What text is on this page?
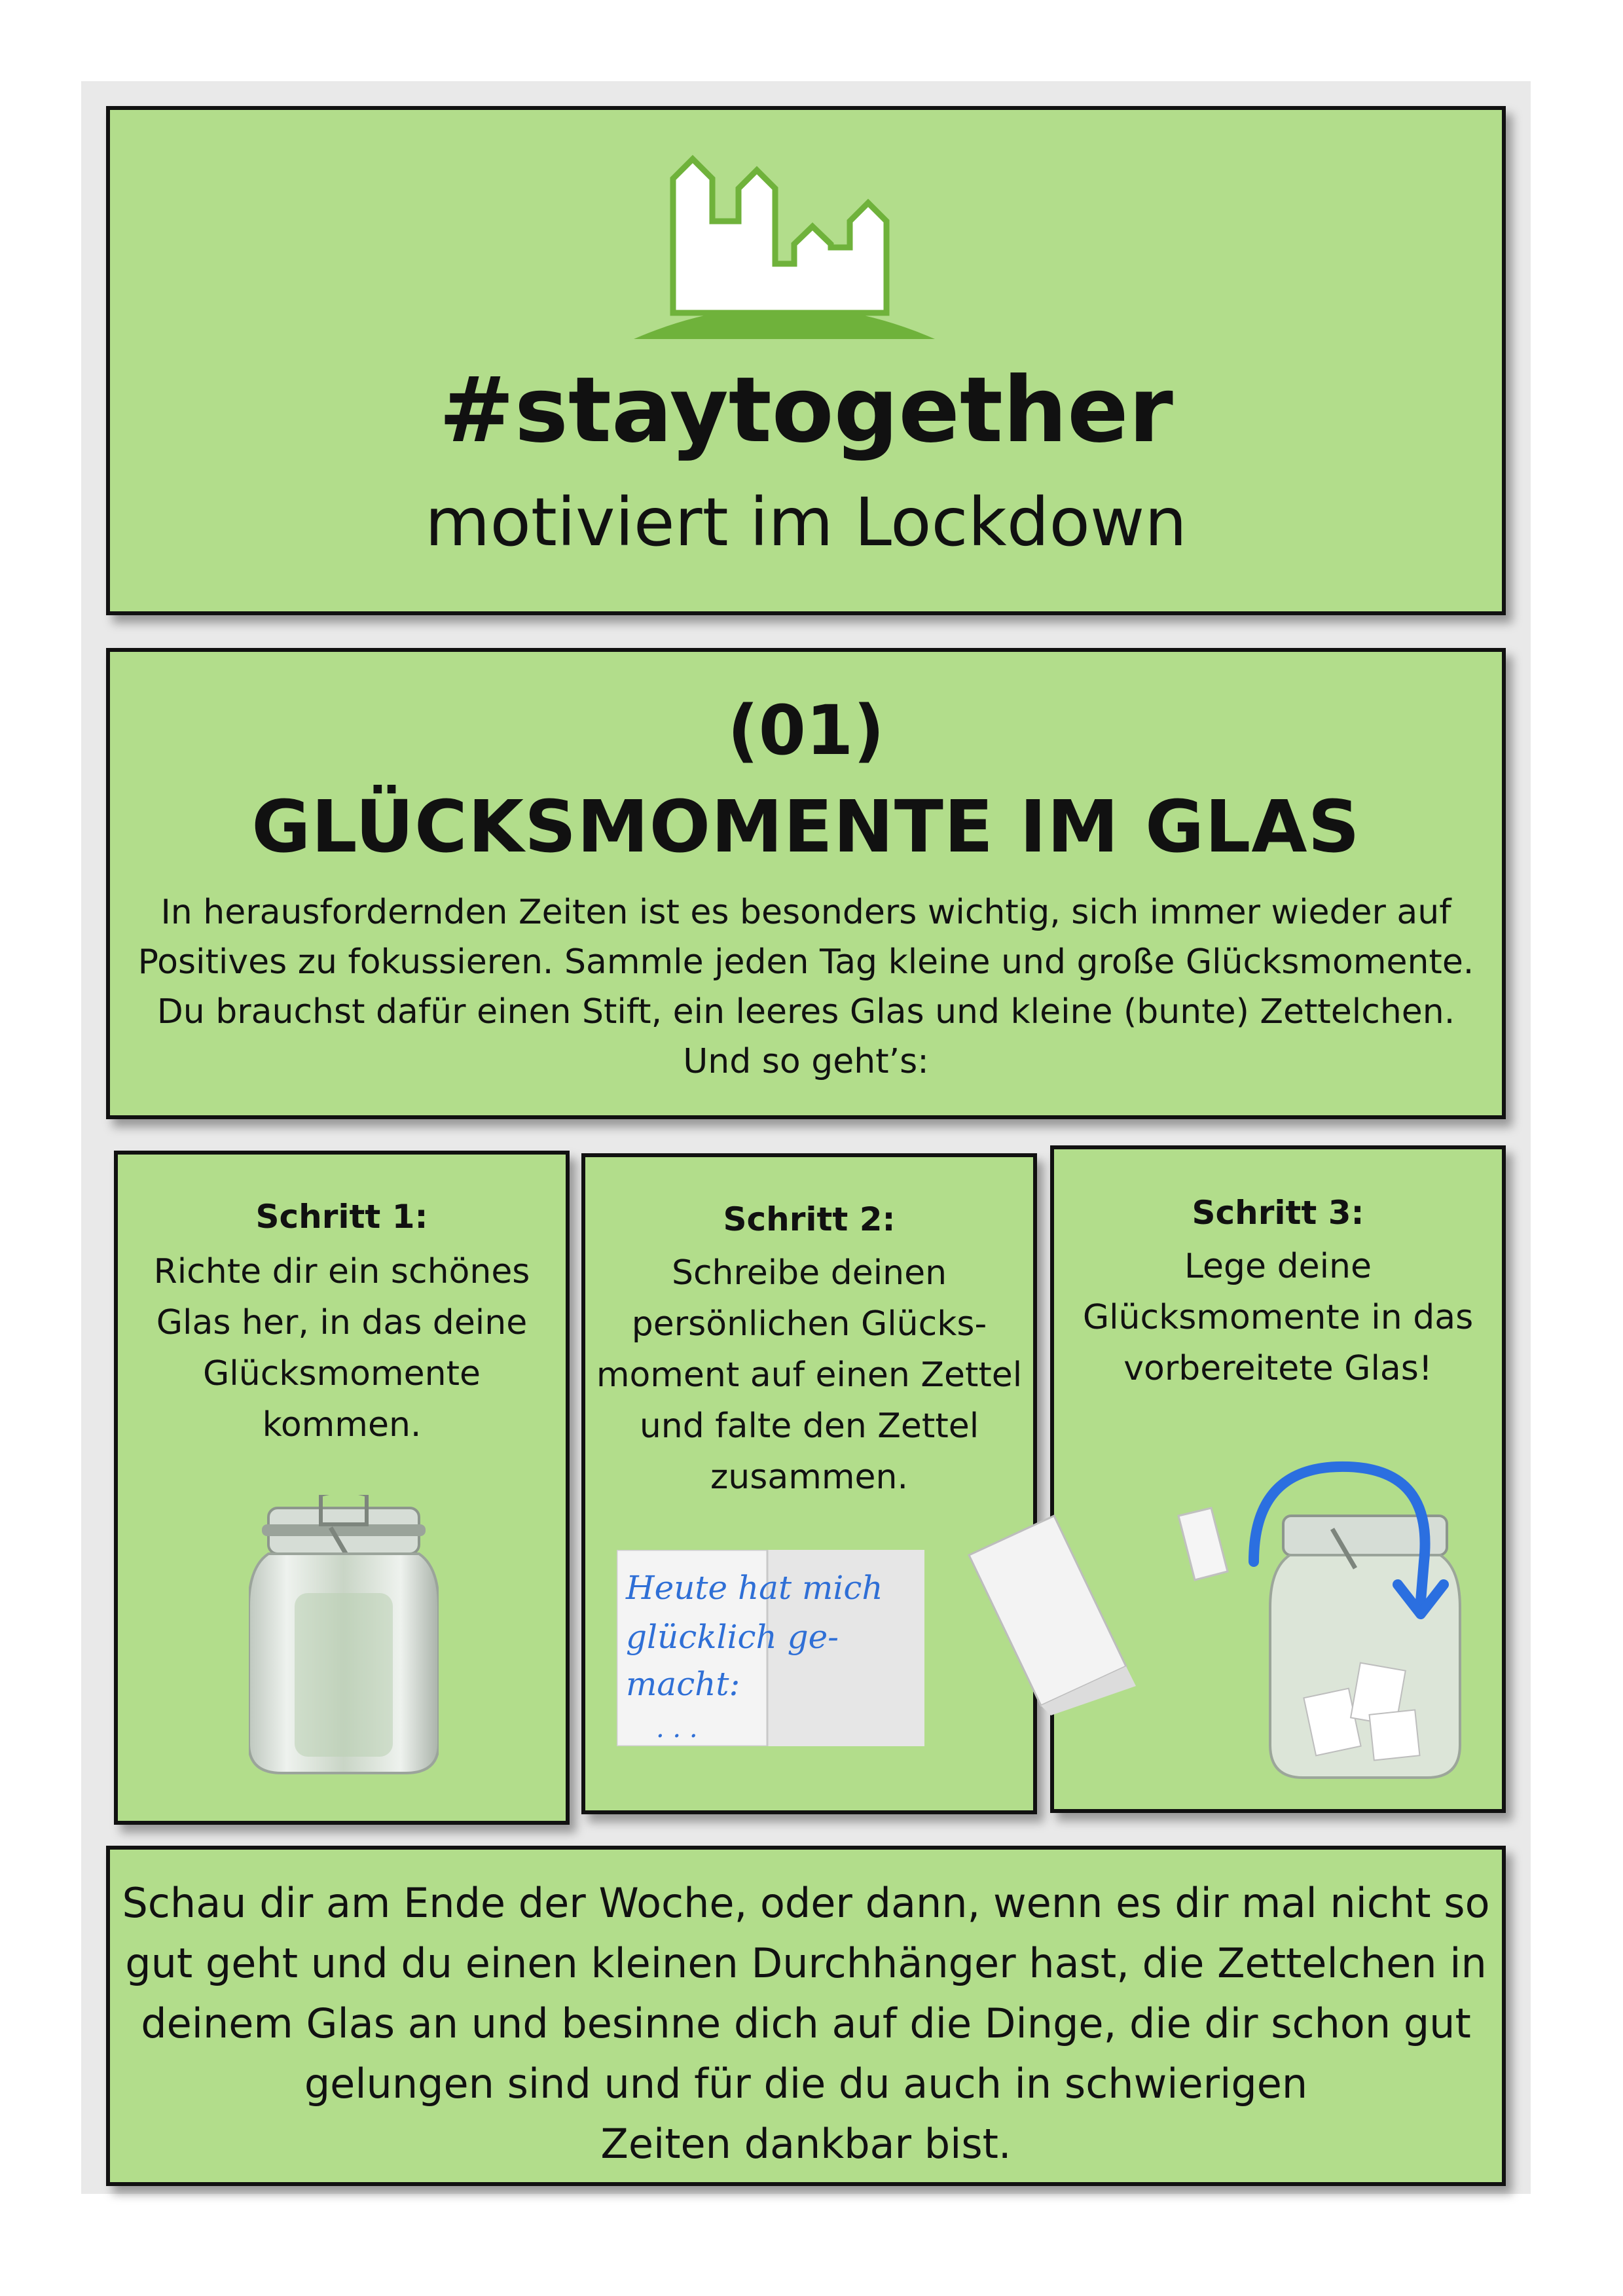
#staytogether
motiviert im Lockdown
(01)
GLÜCKSMOMENTE IM GLAS
In herausfordernden Zeiten ist es besonders wichtig, sich immer wieder auf
Positives zu fokussieren. Sammle jeden Tag kleine und große Glücksmomente.
Du brauchst dafür einen Stift, ein leeres Glas und kleine (bunte) Zettelchen.
Und so geht’s:
Schritt 1:
Richte dir ein schönes
Glas her, in das deine
Glücksmomente
kommen.
Schritt 2:
Schreibe deinen
persönlichen Glücks-
moment auf einen Zettel
und falte den Zettel
zusammen.
Heute hat mich
glücklich ge-
macht:
. . .
Schritt 3:
Lege deine
Glücksmomente in das
vorbereitete Glas!
Schau dir am Ende der Woche, oder dann, wenn es dir mal nicht so
gut geht und du einen kleinen Durchhänger hast, die Zettelchen in
deinem Glas an und besinne dich auf die Dinge, die dir schon gut
gelungen sind und für die du auch in schwierigen
Zeiten dankbar bist.
